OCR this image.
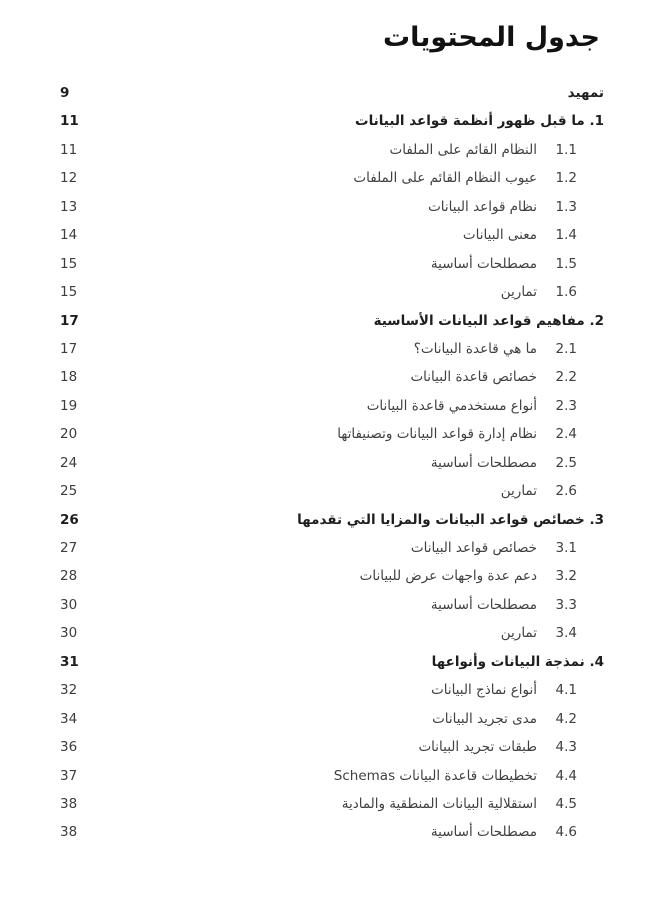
جدول المحتويات
تمهيد
9
1. ما قبل ظهور أنظمة قواعد البيانات
11
1.1النظام القائم على الملفات
11
1.2عيوب النظام القائم على الملفات
12
1.3نظام قواعد البيانات
13
1.4معنى البيانات
14
1.5مصطلحات أساسية
15
1.6تمارين
15
2. مفاهيم قواعد البيانات الأساسية
17
2.1ما هي قاعدة البيانات؟
17
2.2خصائص قاعدة البيانات
18
2.3أنواع مستخدمي قاعدة البيانات
19
2.4نظام إدارة قواعد البيانات وتصنيفاتها
20
2.5مصطلحات أساسية
24
2.6تمارين
25
3. خصائص قواعد البيانات والمزايا التي تقدمها
26
3.1خصائص قواعد البيانات
27
3.2دعم عدة واجهات عرض للبيانات
28
3.3مصطلحات أساسية
30
3.4تمارين
30
4. نمذجة البيانات وأنواعها
31
4.1أنواع نماذج البيانات
32
4.2مدى تجريد البيانات
34
4.3طبقات تجريد البيانات
36
4.4تخطيطات قاعدة البيانات Schemas
37
4.5استقلالية البيانات المنطقية والمادية
38
4.6مصطلحات أساسية
38
